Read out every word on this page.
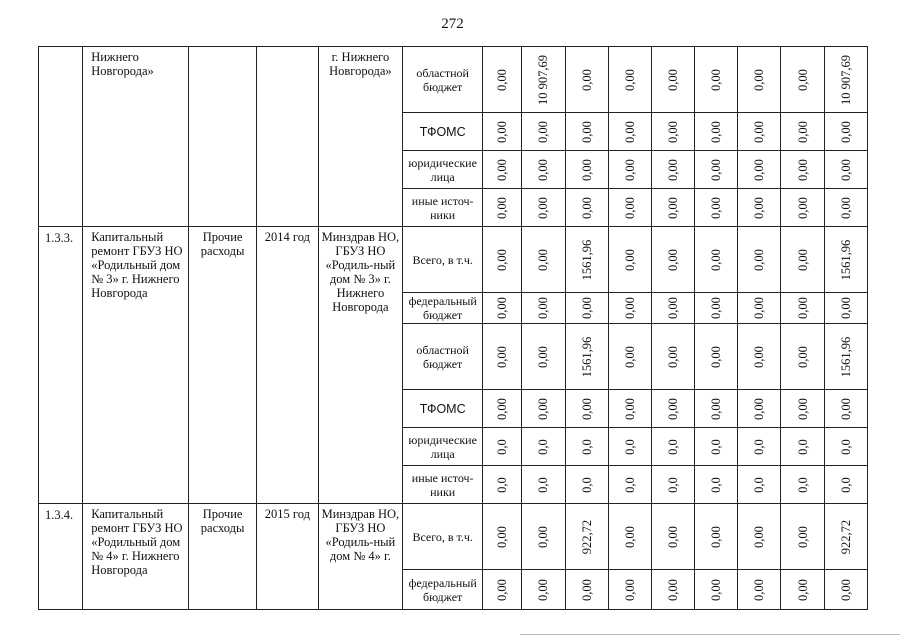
272
	Нижнего Новгорода»			г. Нижнего Новгорода»	областной бюджет	0,00	10 907,69	0,00	0,00	0,00	0,00	0,00	0,00	10 907,69

					ТФОМС	0,00	0,00	0,00	0,00	0,00	0,00	0,00	0,00	0,00

					юридические лица	0,00	0,00	0,00	0,00	0,00	0,00	0,00	0,00	0,00

					иные источ-ники	0,00	0,00	0,00	0,00	0,00	0,00	0,00	0,00	0,00

1.3.3.	Капитальный ремонт ГБУЗ НО «Родильный дом № 3» г. Нижнего Новгорода	Прочие расходы	2014 год	Минздрав НО, ГБУЗ НО «Родиль-ный дом № 3» г. Нижнего Новгорода	Всего, в т.ч.	0,00	0,00	1561,96	0,00	0,00	0,00	0,00	0,00	1561,96

					федеральный бюджет	0,00	0,00	0,00	0,00	0,00	0,00	0,00	0,00	0,00

					областной бюджет	0,00	0,00	1561,96	0,00	0,00	0,00	0,00	0,00	1561,96

					ТФОМС	0,00	0,00	0,00	0,00	0,00	0,00	0,00	0,00	0,00

					юридические лица	0,0	0,0	0,0	0,0	0,0	0,0	0,0	0,0	0,0

					иные источ-ники	0,0	0,0	0,0	0,0	0,0	0,0	0,0	0,0	0,0

1.3.4.	Капитальный ремонт ГБУЗ НО «Родильный дом № 4» г. Нижнего Новгорода	Прочие расходы	2015 год	Минздрав НО, ГБУЗ НО «Родиль-ный дом № 4» г.	Всего, в т.ч.	0,00	0,00	922,72	0,00	0,00	0,00	0,00	0,00	922,72

					федеральный бюджет	0,00	0,00	0,00	0,00	0,00	0,00	0,00	0,00	0,00
